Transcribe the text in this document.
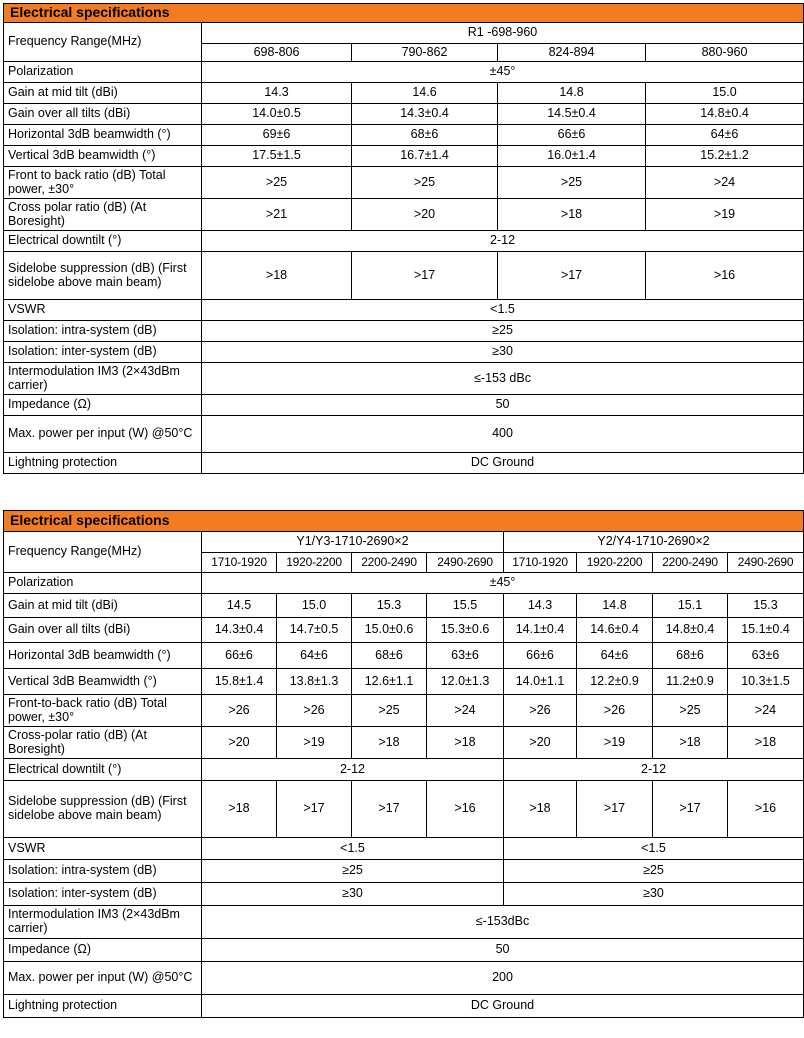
Electrical specifications				
Frequency Range(MHz)	R1 -698-960			
	698-806	790-862	824-894	880-960
Polarization	±45°			
Gain at mid tilt (dBi)	14.3	14.6	14.8	15.0
Gain over all tilts (dBi)	14.0±0.5	14.3±0.4	14.5±0.4	14.8±0.4
Horizontal 3dB beamwidth (°)	69±6	68±6	66±6	64±6
Vertical 3dB beamwidth (°)	17.5±1.5	16.7±1.4	16.0±1.4	15.2±1.2
Front to back ratio (dB) Total power, ±30°	>25	>25	>25	>24
Cross polar ratio (dB) (At Boresight)	>21	>20	>18	>19
Electrical downtilt (°)	2-12			
Sidelobe suppression (dB) (First sidelobe above main beam)	>18	>17	>17	>16
VSWR	<1.5			
Isolation: intra-system (dB)	≥25			
Isolation: inter-system (dB)	≥30			
Intermodulation IM3 (2×43dBm carrier)	≤-153 dBc			
Impedance (Ω)	50			
Max. power per input (W) @50°C	400			
Lightning protection	DC Ground			
Electrical specifications								
Frequency Range(MHz)	Y1/Y3-1710-2690×2				Y2/Y4-1710-2690×2			
	1710-1920	1920-2200	2200-2490	2490-2690	1710-1920	1920-2200	2200-2490	2490-2690
Polarization	±45°							
Gain at mid tilt (dBi)	14.5	15.0	15.3	15.5	14.3	14.8	15.1	15.3
Gain over all tilts (dBi)	14.3±0.4	14.7±0.5	15.0±0.6	15.3±0.6	14.1±0.4	14.6±0.4	14.8±0.4	15.1±0.4
Horizontal 3dB beamwidth (°)	66±6	64±6	68±6	63±6	66±6	64±6	68±6	63±6
Vertical 3dB Beamwidth (°)	15.8±1.4	13.8±1.3	12.6±1.1	12.0±1.3	14.0±1.1	12.2±0.9	11.2±0.9	10.3±1.5
Front-to-back ratio (dB) Total power, ±30°	>26	>26	>25	>24	>26	>26	>25	>24
Cross-polar ratio (dB) (At Boresight)	>20	>19	>18	>18	>20	>19	>18	>18
Electrical downtilt (°)	2-12				2-12			
Sidelobe suppression (dB) (First sidelobe above main beam)	>18	>17	>17	>16	>18	>17	>17	>16
VSWR	<1.5				<1.5			
Isolation: intra-system (dB)	≥25				≥25			
Isolation: inter-system (dB)	≥30				≥30			
Intermodulation IM3 (2×43dBm carrier)	≤-153dBc							
Impedance (Ω)	50							
Max. power per input (W) @50°C	200							
Lightning protection	DC Ground							
